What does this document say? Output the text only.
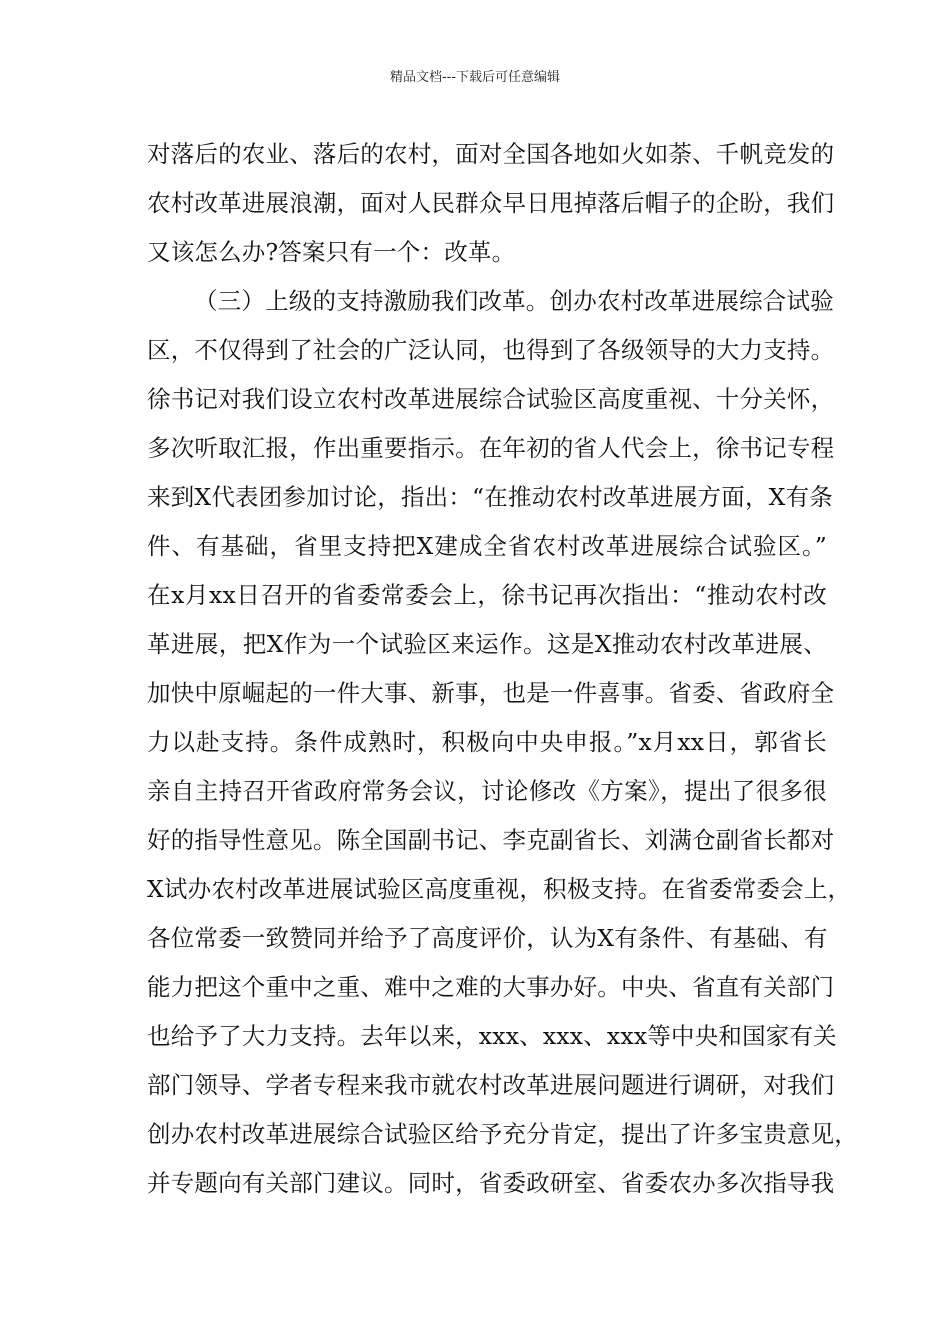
精品文档---下载后可任意编辑
对落后的农业、落后的农村，面对全国各地如火如荼、千帆竞发的
农村改革进展浪潮，面对人民群众早日甩掉落后帽子的企盼，我们
又该怎么办?答案只有一个：改革。
（三）上级的支持激励我们改革。创办农村改革进展综合试验
区，不仅得到了社会的广泛认同，也得到了各级领导的大力支持。
徐书记对我们设立农村改革进展综合试验区高度重视、十分关怀，
多次听取汇报，作出重要指示。在年初的省人代会上，徐书记专程
来到X代表团参加讨论，指出：“在推动农村改革进展方面，X有条
件、有基础，省里支持把X建成全省农村改革进展综合试验区。”
在x月xx日召开的省委常委会上，徐书记再次指出：“推动农村改
革进展，把X作为一个试验区来运作。这是X推动农村改革进展、
加快中原崛起的一件大事、新事，也是一件喜事。省委、省政府全
力以赴支持。条件成熟时，积极向中央申报。”x月xx日，郭省长
亲自主持召开省政府常务会议，讨论修改《方案》，提出了很多很
好的指导性意见。陈全国副书记、李克副省长、刘满仓副省长都对
X试办农村改革进展试验区高度重视，积极支持。在省委常委会上，
各位常委一致赞同并给予了高度评价，认为X有条件、有基础、有
能力把这个重中之重、难中之难的大事办好。中央、省直有关部门
也给予了大力支持。去年以来，xxx、xxx、xxx等中央和国家有关
部门领导、学者专程来我市就农村改革进展问题进行调研，对我们
创办农村改革进展综合试验区给予充分肯定，提出了许多宝贵意见，
并专题向有关部门建议。同时，省委政研室、省委农办多次指导我
